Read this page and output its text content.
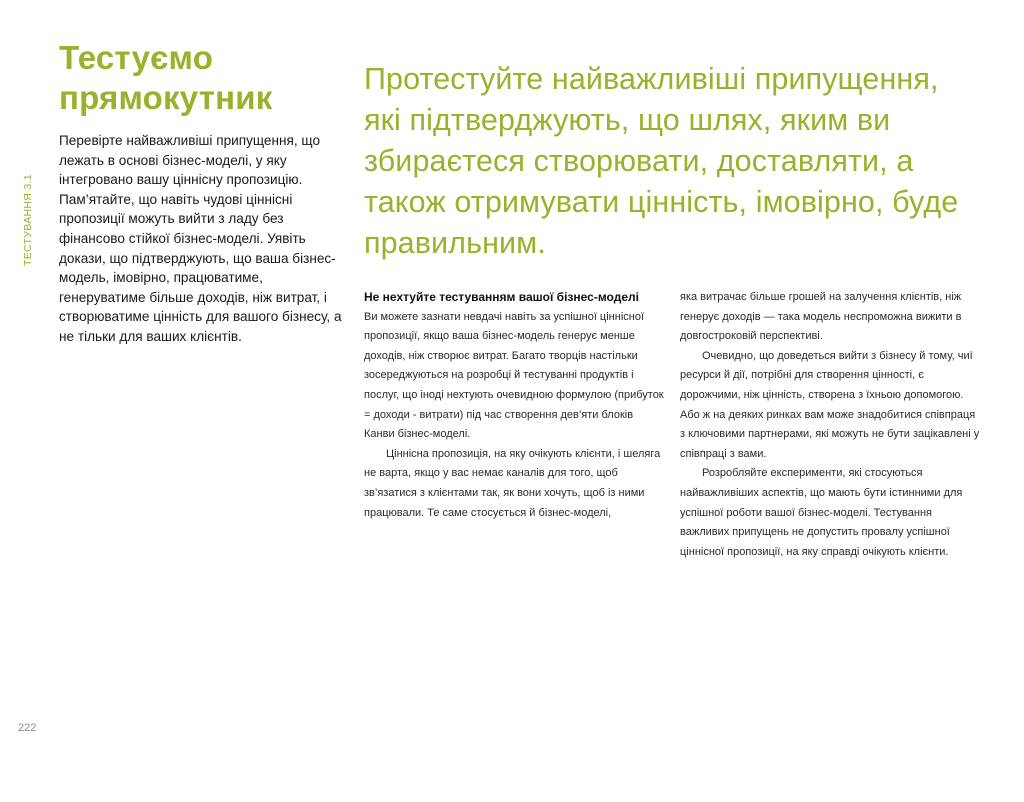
ТЕСТУВАННЯ 3.1
Тестуємо прямокутник

Перевірте найважливіші припущення, що лежать в основі бізнес-моделі, у яку інтегровано вашу ціннісну пропозицію. Пам’ятайте, що навіть чудові ціннісні пропозиції можуть вийти з ладу без фінансово стійкої бізнес-моделі. Уявіть докази, що підтверджують, що ваша бізнес-модель, імовірно, працюватиме, генеруватиме більше доходів, ніж витрат, і створюватиме цінність для вашого бізнесу, а не тільки для ваших клієнтів.

Протестуйте найважливіші припущення, які підтверджують, що шлях, яким ви збираєтеся створювати, доставляти, а також отримувати цінність, імовірно, буде правильним.

Не нехтуйте тестуванням вашої бізнес-моделі

Ви можете зазнати невдачі навіть за успішної ціннісної пропозиції, якщо ваша бізнес-модель генерує менше доходів, ніж створює витрат. Багато творців настільки зосереджуються на розробці й тестуванні продуктів і послуг, що іноді нехтують очевидною формулою (прибуток = доходи - витрати) під час створення дев’яти блоків Канви бізнес-моделі.

Ціннісна пропозиція, на яку очікують клієнти, і шеляга не варта, якщо у вас немає каналів для того, щоб зв’язатися з клієнтами так, як вони хочуть, щоб із ними працювали. Те саме стосується й бізнес-моделі,

яка витрачає більше грошей на залучення клієнтів, ніж генерує доходів — така модель неспроможна вижити в довгостроковій перспективі.

Очевидно, що доведеться вийти з бізнесу й тому, чиї ресурси й дії, потрібні для створення цінності, є дорожчими, ніж цінність, створена з їхньою допомогою. Або ж на деяких ринках вам може знадобитися співпраця з ключовими партнерами, які можуть не бути зацікавлені у співпраці з вами.

Розробляйте експерименти, які стосуються найважливіших аспектів, що мають бути істинними для успішної роботи вашої бізнес-моделі. Тестування важливих припущень не допустить провалу успішної ціннісної пропозиції, на яку справді очікують клієнти.

222
